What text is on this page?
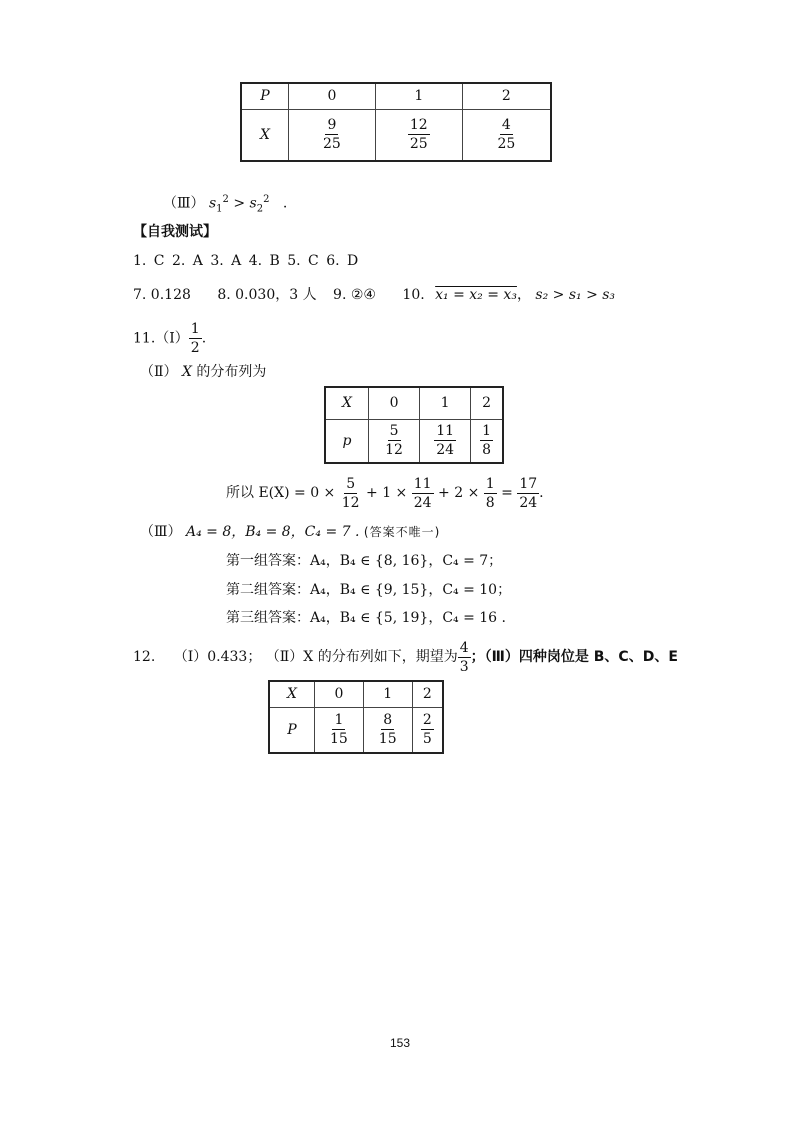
P	0	1	2
X	$\frac{9}{25}$	$\frac{12}{25}$	$\frac{4}{25}$
（Ⅲ） $s_1^2 > s_2^2$ .
【自我测试】
1. C 2. A 3. A 4. B 5. C 6. D
7. 0.128 8. 0.030，3 人 9. ②④ 10. x₁ = x₂ = x₃， s₂ > s₁ > s₃
11.（Ⅰ） $\frac{1}{2}$ .
（Ⅱ） X 的分布列为
X	0	1	2
p	$\frac{5}{12}$	$\frac{11}{24}$	$\frac{1}{8}$
所以 $E(X) = 0 \times \frac{5}{12} + 1 \times \frac{11}{24} + 2 \times \frac{1}{8} = \frac{17}{24}$ .
（Ⅲ） A₄ = 8，B₄ = 8，C₄ = 7 . (答案不唯一)
第一组答案：A₄，B₄ ∈ {8, 16}，C₄ = 7；
第二组答案：A₄，B₄ ∈ {9, 15}，C₄ = 10；
第三组答案：A₄，B₄ ∈ {5, 19}，C₄ = 16 .
12. （Ⅰ）0.433； （Ⅱ）X 的分布列如下，期望为 $\frac{4}{3}$ ；（Ⅲ）四种岗位是 B、C、D、E
X	0	1	2
P	$\frac{1}{15}$	$\frac{8}{15}$	$\frac{2}{5}$
153
